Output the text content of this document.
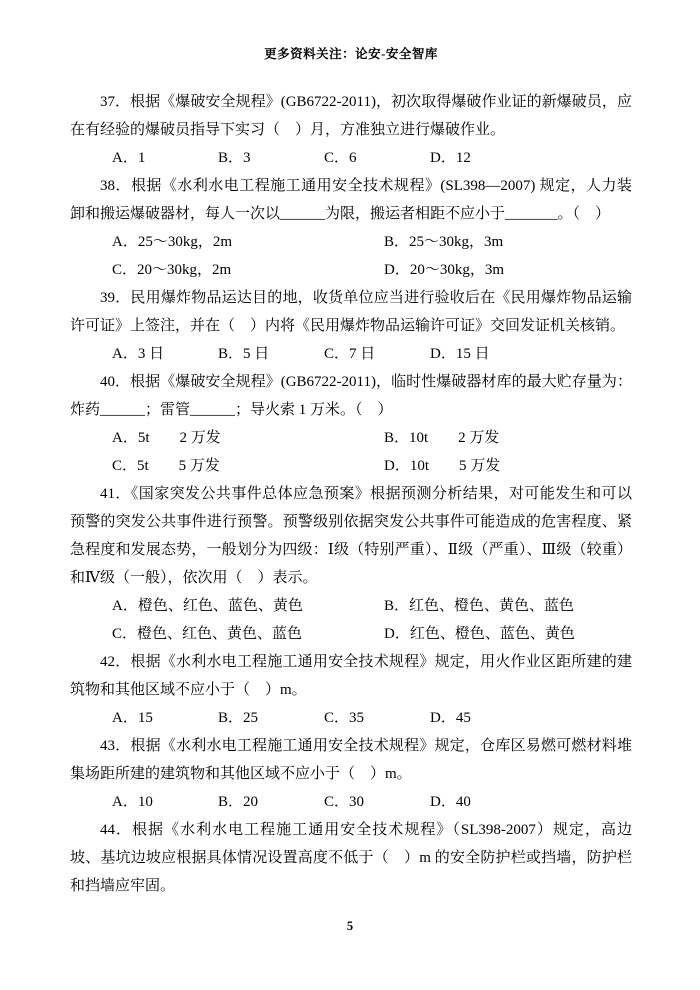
更多资料关注：论安-安全智库

37．根据《爆破安全规程》(GB6722-2011)，初次取得爆破作业证的新爆破员，应在有经验的爆破员指导下实习（　）月，方准独立进行爆破作业。

A．1	B．3	C．6	D．12

38．根据《水利水电工程施工通用安全技术规程》(SL398—2007) 规定，人力装卸和搬运爆破器材，每人一次以______为限，搬运者相距不应小于_______。（　）

A．25～30kg，2m	B．25～30kg，3m
C．20～30kg，2m	D．20～30kg，3m

39．民用爆炸物品运达目的地，收货单位应当进行验收后在《民用爆炸物品运输许可证》上签注，并在（　）内将《民用爆炸物品运输许可证》交回发证机关核销。

A．3 日	B．5 日	C．7 日	D．15 日

40．根据《爆破安全规程》(GB6722-2011)，临时性爆破器材库的最大贮存量为：炸药______；雷管______；导火索 1 万米。（　）

A．5t　　2 万发	B．10t　　2 万发
C．5t　　5 万发	D．10t　　5 万发

41．《国家突发公共事件总体应急预案》根据预测分析结果，对可能发生和可以预警的突发公共事件进行预警。预警级别依据突发公共事件可能造成的危害程度、紧急程度和发展态势，一般划分为四级：Ⅰ级（特别严重）、Ⅱ级（严重）、Ⅲ级（较重）和Ⅳ级（一般），依次用（　）表示。

A．橙色、红色、蓝色、黄色	B．红色、橙色、黄色、蓝色
C．橙色、红色、黄色、蓝色	D．红色、橙色、蓝色、黄色

42．根据《水利水电工程施工通用安全技术规程》规定，用火作业区距所建的建筑物和其他区域不应小于（　）m。

A．15	B．25	C．35	D．45

43．根据《水利水电工程施工通用安全技术规程》规定，仓库区易燃可燃材料堆集场距所建的建筑物和其他区域不应小于（　）m。

A．10	B．20	C．30	D．40

44．根据《水利水电工程施工通用安全技术规程》（SL398-2007）规定，高边坡、基坑边坡应根据具体情况设置高度不低于（　）m 的安全防护栏或挡墙，防护栏和挡墙应牢固。

5
